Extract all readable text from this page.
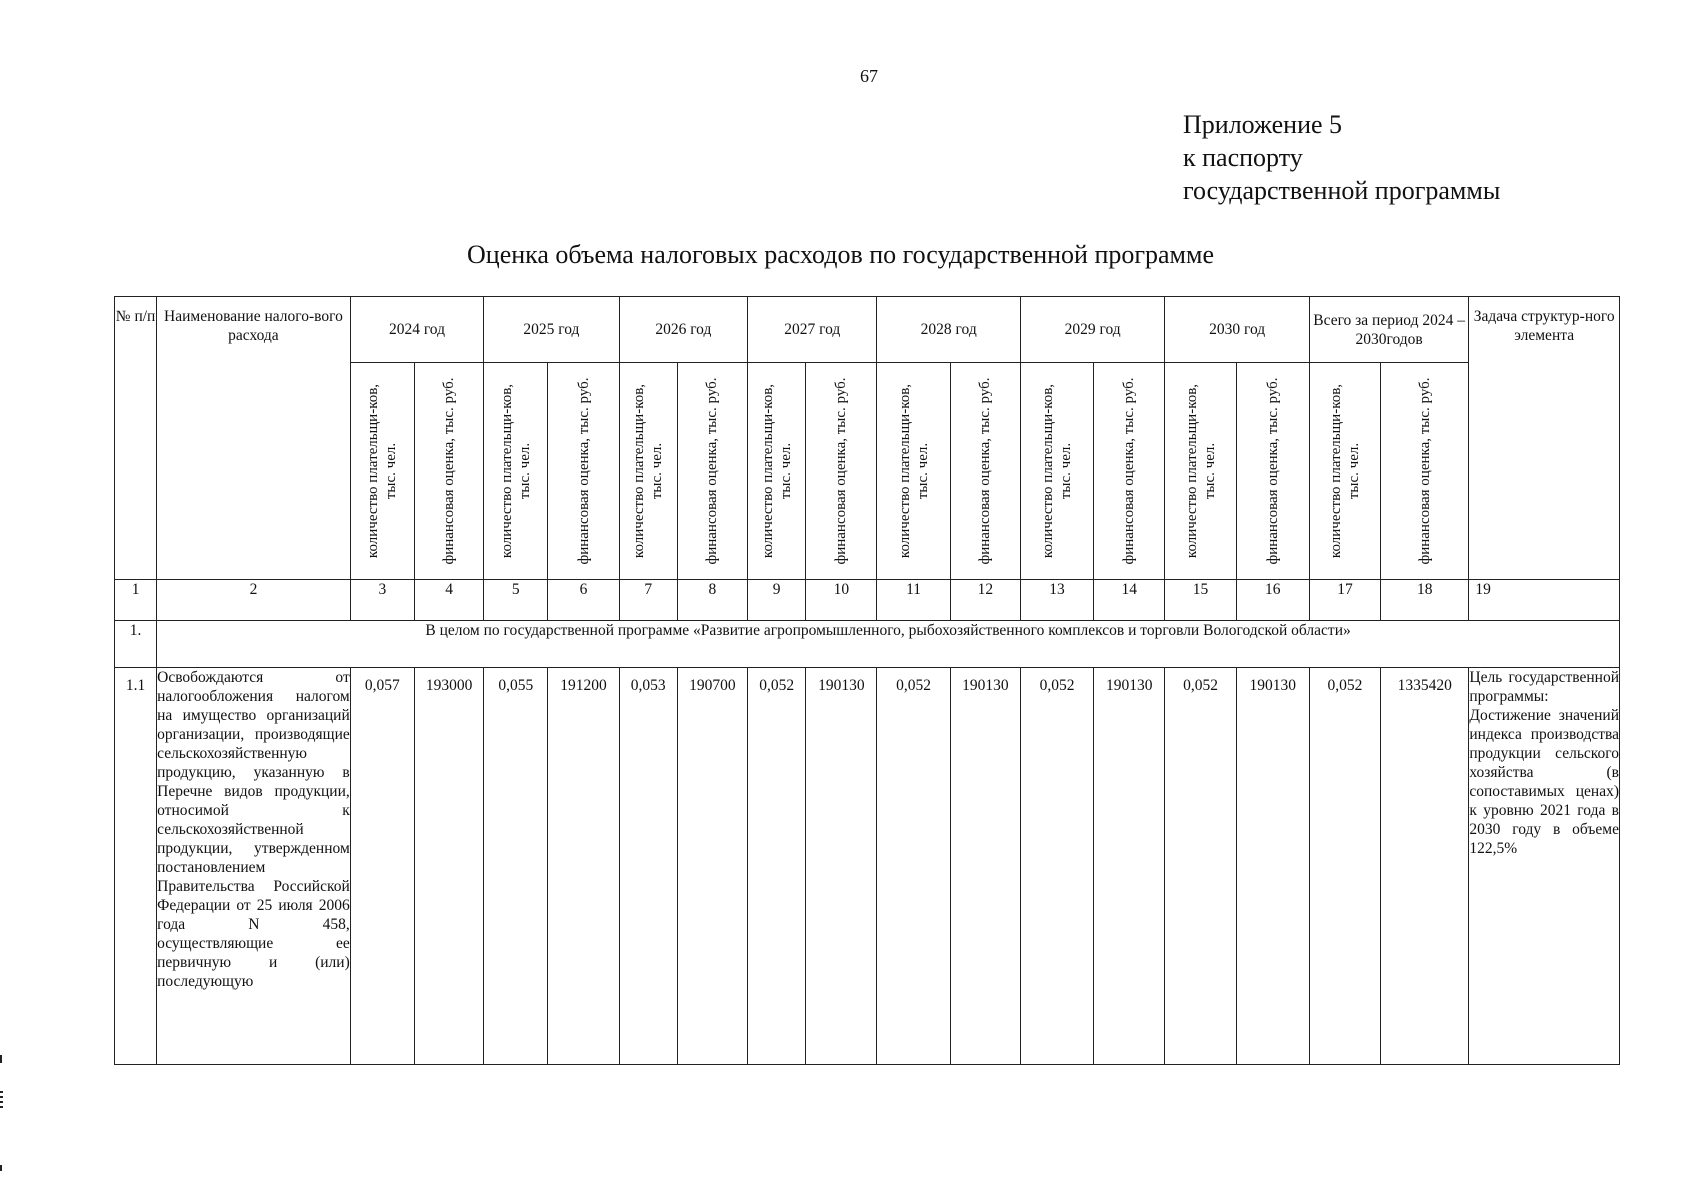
67
Приложение 5
к паспорту
государственной программы
Оценка объема налоговых расходов по государственной программе
№ п/п	Наименование налого-вого расхода	2024 год		2025 год		2026 год		2027 год		2028 год		2029 год		2030 год		Всего за период 2024 – 2030годов		Задача структур-ного элемента

		количество плательщи-ков, тыс. чел.	финансовая оценка, тыс. руб.	количество плательщи-ков, тыс. чел.	финансовая оценка, тыс. руб.	количество плательщи-ков, тыс. чел.	финансовая оценка, тыс. руб.	количество плательщи-ков, тыс. чел.	финансовая оценка, тыс. руб.	количество плательщи-ков, тыс. чел.	финансовая оценка, тыс. руб.	количество плательщи-ков, тыс. чел.	финансовая оценка, тыс. руб.	количество плательщи-ков, тыс. чел.	финансовая оценка, тыс. руб.	количество плательщи-ков, тыс. чел.	финансовая оценка, тыс. руб.	

1	2	3	4	5	6	7	8	9	10	11	12	13	14	15	16	17	18	19
1.	В целом по государственной программе «Развитие агропромышленного, рыбохозяйственного комплексов и торговли Вологодской области»																	
1.1	Освобождаются от налогообложения налогом на имущество организаций организации, производящие сельскохозяйственную продукцию, указанную в Перечне видов продукции, относимой к сельскохозяйственной продукции, утвержденном постановлением Правительства Российской Федерации от 25 июля 2006 года N 458, осуществляющие ее первичную и (или) последующую	0,057	193000	0,055	191200	0,053	190700	0,052	190130	0,052	190130	0,052	190130	0,052	190130	0,052	1335420	Цель государственной программы: Достижение значений индекса производства продукции сельского хозяйства (в сопоставимых ценах) к уровню 2021 года в 2030 году в объеме 122,5%
